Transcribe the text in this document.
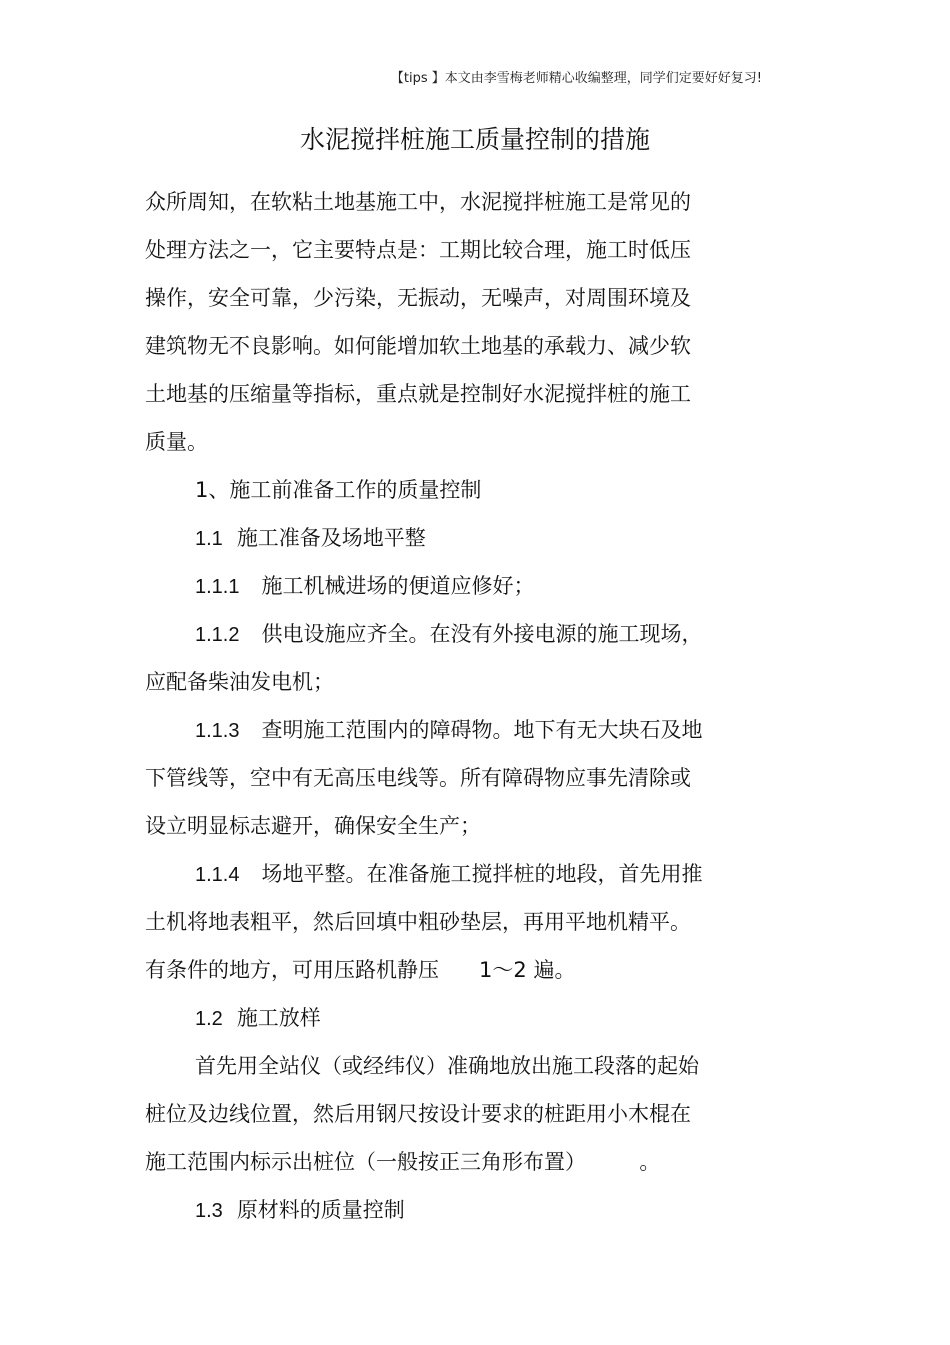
【tips 】本文由李雪梅老师精心收编整理，同学们定要好好复习!
水泥搅拌桩施工质量控制的措施
众所周知，在软粘土地基施工中，水泥搅拌桩施工是常见的
处理方法之一，它主要特点是：工期比较合理，施工时低压
操作，安全可靠，少污染，无振动，无噪声，对周围环境及
建筑物无不良影响。如何能增加软土地基的承载力、减少软
土地基的压缩量等指标，重点就是控制好水泥搅拌桩的施工
质量。
1、施工前准备工作的质量控制
1.1 施工准备及场地平整
1.1.1 施工机械进场的便道应修好；
1.1.2 供电设施应齐全。在没有外接电源的施工现场，
应配备柴油发电机；
1.1.3 查明施工范围内的障碍物。地下有无大块石及地
下管线等，空中有无高压电线等。所有障碍物应事先清除或
设立明显标志避开，确保安全生产；
1.1.4 场地平整。在准备施工搅拌桩的地段，首先用推
土机将地表粗平，然后回填中粗砂垫层，再用平地机精平。
有条件的地方，可用压路机静压      1～2 遍。
1.2 施工放样
首先用全站仪（或经纬仪）准确地放出施工段落的起始
桩位及边线位置，然后用钢尺按设计要求的桩距用小木棍在
施工范围内标示出桩位（一般按正三角形布置）        。
1.3 原材料的质量控制
